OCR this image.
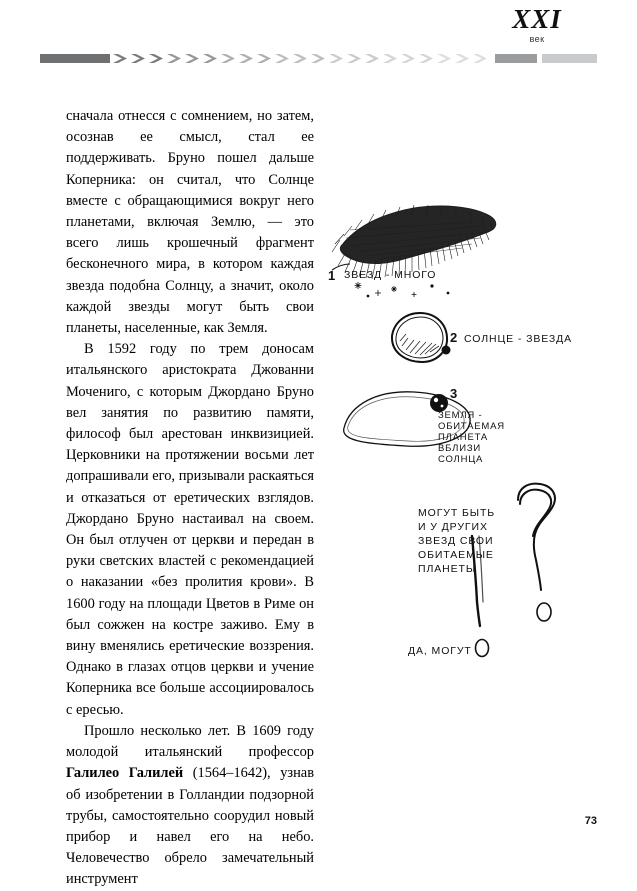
XXI
век

сначала отнесся с сомнением, но затем, осознав ее смысл, стал ее поддерживать. Бруно пошел дальше Коперника: он считал, что Солнце вместе с обращающимися вокруг него планетами, включая Землю, — это всего лишь крошечный фрагмент бесконечного мира, в котором каждая звезда подобна Солнцу, а значит, около каждой звезды могут быть свои планеты, населенные, как Земля.

В 1592 году по трем доносам итальянского аристократа Джованни Мочениго, с которым Джордано Бруно вел занятия по развитию памяти, философ был арестован инквизицией. Церковники на протяжении восьми лет допрашивали его, призывали раскаяться и отказаться от еретических взглядов. Джордано Бруно настаивал на своем. Он был отлучен от церкви и передан в руки светских властей с рекомендацией о наказании «без пролития крови». В 1600 году на площади Цветов в Риме он был сожжен на костре заживо. Ему в вину вменялись еретические воззрения. Однако в глазах отцов церкви и учение Коперника все больше ассоциировалось с ересью.

Прошло несколько лет. В 1609 году молодой итальянский профессор Галилео Галилей (1564–1642), узнав об изобретении в Голландии подзорной трубы, самостоятельно соорудил новый прибор и навел его на небо. Человечество обрело замечательный инструмент

1 ЗВЕЗД - МНОГО
2 СОЛНЦЕ - ЗВЕЗДА
3
ЗЕМЛЯ -
ОБИТАЕМАЯ
ПЛАНЕТА
ВБЛИЗИ
СОЛНЦА
МОГУТ БЫТЬ
И У ДРУГИХ
ЗВЕЗД СВОИ
ОБИТАЕМЫЕ
ПЛАНЕТЫ
ДА, МОГУТ
73
